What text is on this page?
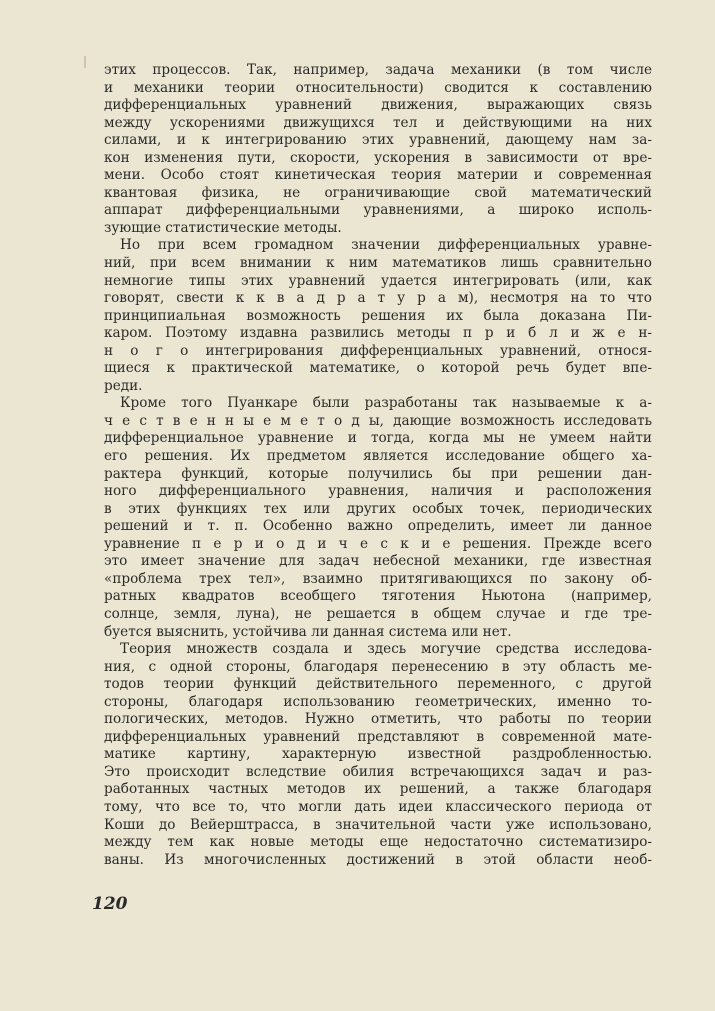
этих процессов. Так, например, задача механики (в том числе
и механики теории относительности) сводится к составлению
дифференциальных уравнений движения, выражающих связь
между ускорениями движущихся тел и действующими на них
силами, и к интегрированию этих уравнений, дающему нам за-
кон изменения пути, скорости, ускорения в зависимости от вре-
мени. Особо стоят кинетическая теория материи и современная
квантовая физика, не ограничивающие свой математический
аппарат дифференциальными уравнениями, а широко исполь-
зующие статистические методы.
Но при всем громадном значении дифференциальных уравне-
ний, при всем внимании к ним математиков лишь сравнительно
немногие типы этих уравнений удается интегрировать (или, как
говорят, свести к к в а д р а т у р а м), несмотря на то что
принципиальная возможность решения их была доказана Пи-
каром. Поэтому издавна развились методы п р и б л и ж е н-
н о г о интегрирования дифференциальных уравнений, относя-
щиеся к практической математике, о которой речь будет впе-
реди.
Кроме того Пуанкаре были разработаны так называемые к а-
ч е с т в е н н ы е м е т о д ы, дающие возможность исследовать
дифференциальное уравнение и тогда, когда мы не умеем найти
его решения. Их предметом является исследование общего ха-
рактера функций, которые получились бы при решении дан-
ного дифференциального уравнения, наличия и расположения
в этих функциях тех или других особых точек, периодических
решений и т. п. Особенно важно определить, имеет ли данное
уравнение п е р и о д и ч е с к и е решения. Прежде всего
это имеет значение для задач небесной механики, где известная
«проблема трех тел», взаимно притягивающихся по закону об-
ратных квадратов всеобщего тяготения Ньютона (например,
солнце, земля, луна), не решается в общем случае и где тре-
буется выяснить, устойчива ли данная система или нет.
Теория множеств создала и здесь могучие средства исследова-
ния, с одной стороны, благодаря перенесению в эту область ме-
тодов теории функций действительного переменного, с другой
стороны, благодаря использованию геометрических, именно то-
пологических, методов. Нужно отметить, что работы по теории
дифференциальных уравнений представляют в современной мате-
матике картину, характерную известной раздробленностью.
Это происходит вследствие обилия встречающихся задач и раз-
работанных частных методов их решений, а также благодаря
тому, что все то, что могли дать идеи классического периода от
Коши до Вейерштрасса, в значительной части уже использовано,
между тем как новые методы еще недостаточно систематизиро-
ваны. Из многочисленных достижений в этой области необ-
120
